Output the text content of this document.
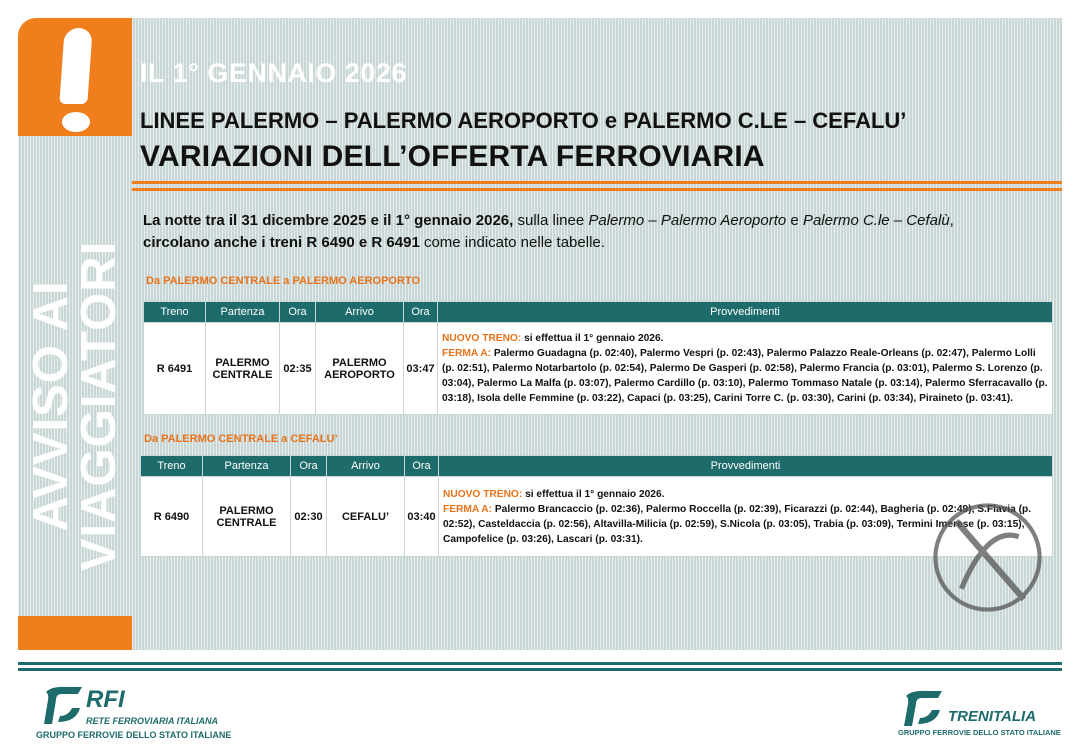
AVVISO AI
VIAGGIATORI
IL 1° GENNAIO 2026
LINEE PALERMO – PALERMO AEROPORTO e PALERMO C.LE – CEFALU’
VARIAZIONI DELL’OFFERTA FERROVIARIA
La notte tra il 31 dicembre 2025 e il 1° gennaio 2026, sulla linee Palermo – Palermo Aeroporto e Palermo C.le – Cefalù,
circolano anche i treni R 6490 e R 6491 come indicato nelle tabelle.
Da PALERMO CENTRALE a PALERMO AEROPORTO
Treno	Partenza	Ora	Arrivo	Ora	Provvedimenti
R 6491	PALERMO CENTRALE	02:35	PALERMO AEROPORTO	03:47	NUOVO TRENO: si effettua il 1° gennaio 2026.
FERMA A: Palermo Guadagna (p. 02:40), Palermo Vespri (p. 02:43), Palermo Palazzo Reale-Orleans (p. 02:47), Palermo Lolli (p. 02:51), Palermo Notarbartolo (p. 02:54), Palermo De Gasperi (p. 02:58), Palermo Francia (p. 03:01), Palermo S. Lorenzo (p. 03:04), Palermo La Malfa (p. 03:07), Palermo Cardillo (p. 03:10), Palermo Tommaso Natale (p. 03:14), Palermo Sferracavallo (p. 03:18), Isola delle Femmine (p. 03:22), Capaci (p. 03:25), Carini Torre C. (p. 03:30), Carini (p. 03:34), Piraineto (p. 03:41).
Da PALERMO CENTRALE a CEFALU’
Treno	Partenza	Ora	Arrivo	Ora	Provvedimenti
R 6490	PALERMO CENTRALE	02:30	CEFALU’	03:40	NUOVO TRENO: si effettua il 1° gennaio 2026.
FERMA A: Palermo Brancaccio (p. 02:36), Palermo Roccella (p. 02:39), Ficarazzi (p. 02:44), Bagheria (p. 02:49), S.Flavia (p. 02:52), Casteldaccia (p. 02:56), Altavilla-Milicia (p. 02:59), S.Nicola (p. 03:05), Trabia (p. 03:09), Termini Imerese (p. 03:15), Campofelice (p. 03:26), Lascari (p. 03:31).
RFI
RETE FERROVIARIA ITALIANA
GRUPPO FERROVIE DELLO STATO ITALIANE
TRENITALIA
GRUPPO FERROVIE DELLO STATO ITALIANE
